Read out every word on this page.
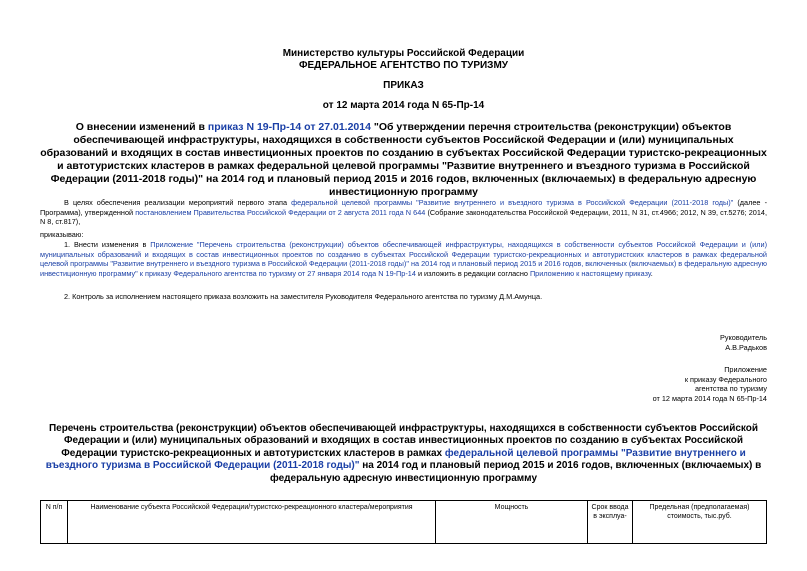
Министерство культуры Российской Федерации
ФЕДЕРАЛЬНОЕ АГЕНТСТВО ПО ТУРИЗМУ
ПРИКАЗ
от 12 марта 2014 года N 65-Пр-14
О внесении изменений в приказ N 19-Пр-14 от 27.01.2014 "Об утверждении перечня строительства (реконструкции) объектов обеспечивающей инфраструктуры, находящихся в собственности субъектов Российской Федерации и (или) муниципальных образований и входящих в состав инвестиционных проектов по созданию в субъектах Российской Федерации туристско-рекреационных и автотуристских кластеров в рамках федеральной целевой программы "Развитие внутреннего и въездного туризма в Российской Федерации (2011-2018 годы)" на 2014 год и плановый период 2015 и 2016 годов, включенных (включаемых) в федеральную адресную инвестиционную программу
В целях обеспечения реализации мероприятий первого этапа федеральной целевой программы "Развитие внутреннего и въездного туризма в Российской Федерации (2011-2018 годы)" (далее - Программа), утвержденной постановлением Правительства Российской Федерации от 2 августа 2011 года N 644 (Собрание законодательства Российской Федерации, 2011, N 31, ст.4966; 2012, N 39, ст.5276; 2014, N 8, ст.817),
приказываю:
1. Внести изменения в Приложение "Перечень строительства (реконструкции) объектов обеспечивающей инфраструктуры, находящихся в собственности субъектов Российской Федерации и (или) муниципальных образований и входящих в состав инвестиционных проектов по созданию в субъектах Российской Федерации туристско-рекреационных и автотуристских кластеров в рамках федеральной целевой программы "Развитие внутреннего и въездного туризма в Российской Федерации (2011-2018 годы)" на 2014 год и плановый период 2015 и 2016 годов, включенных (включаемых) в федеральную адресную инвестиционную программу" к приказу Федерального агентства по туризму от 27 января 2014 года N 19-Пр-14 и изложить в редакции согласно Приложению к настоящему приказу.
2. Контроль за исполнением настоящего приказа возложить на заместителя Руководителя Федерального агентства по туризму Д.М.Амунца.
Руководитель
А.В.Радьков
Приложение
к приказу Федерального
агентства по туризму
от 12 марта 2014 года N 65-Пр-14
Перечень строительства (реконструкции) объектов обеспечивающей инфраструктуры, находящихся в собственности субъектов Российской Федерации и (или) муниципальных образований и входящих в состав инвестиционных проектов по созданию в субъектах Российской Федерации туристско-рекреационных и автотуристских кластеров в рамках федеральной целевой программы "Развитие внутреннего и въездного туризма в Российской Федерации (2011-2018 годы)" на 2014 год и плановый период 2015 и 2016 годов, включенных (включаемых) в федеральную адресную инвестиционную программу
N п/п	Наименование субъекта Российской Федерации/туристско-рекреационного кластера/мероприятия	Мощность	Срок ввода в эксплуа-	Предельная (предполагаемая) стоимость, тыс.руб.
